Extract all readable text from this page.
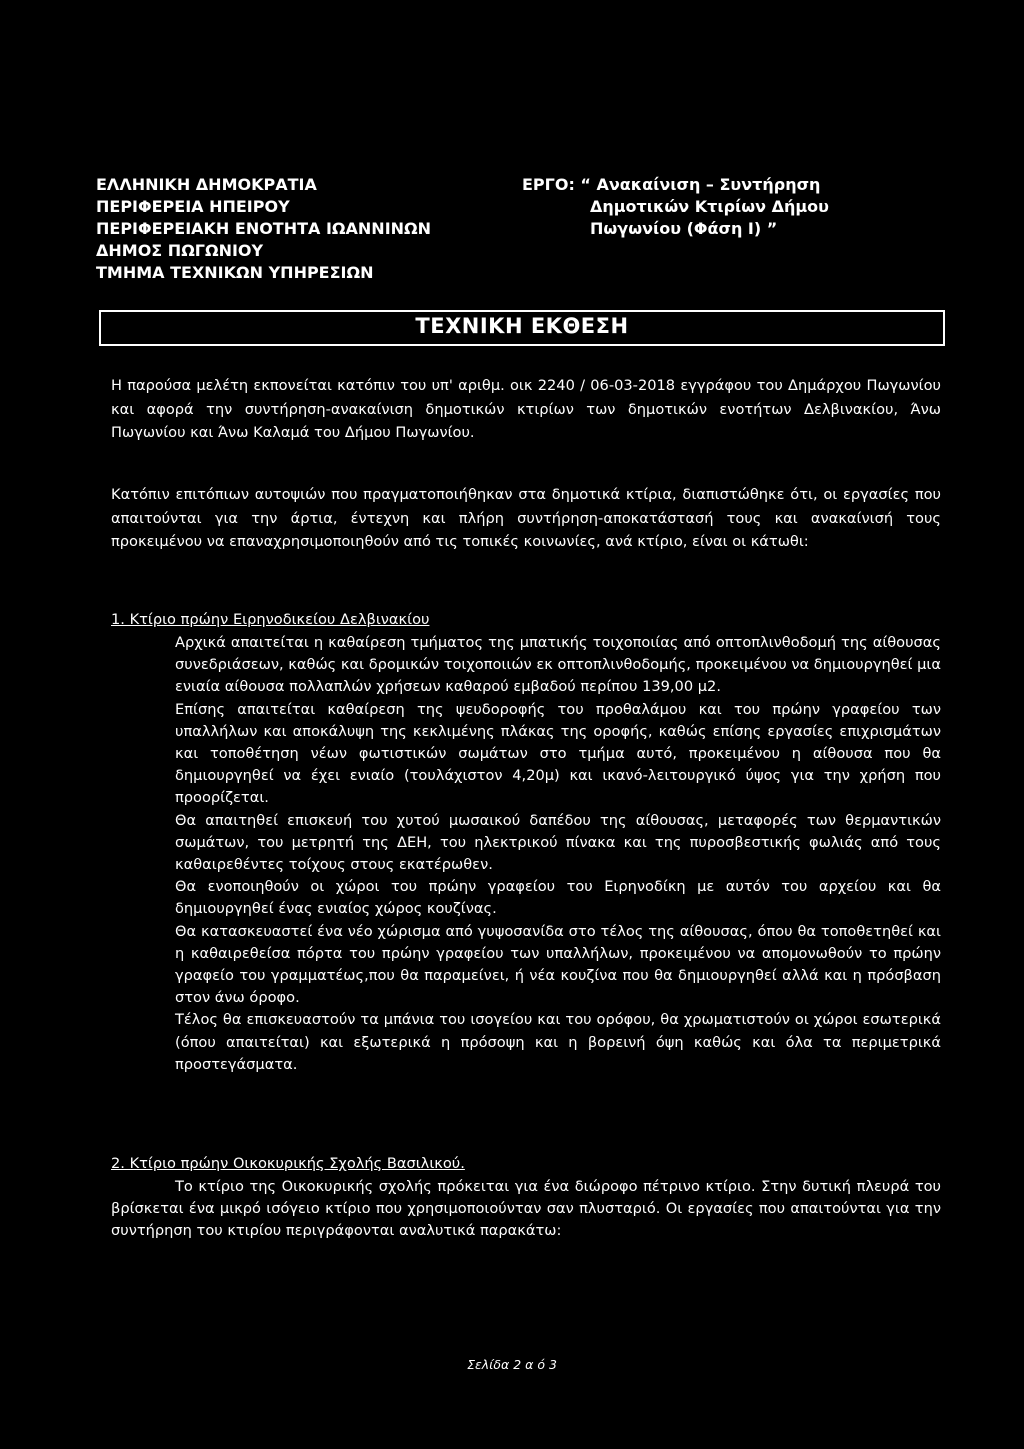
ΕΛΛΗΝΙΚΗ ΔΗΜΟΚΡΑΤΙΑ
ΠΕΡΙΦΕΡΕΙΑ ΗΠΕΙΡΟΥ
ΠΕΡΙΦΕΡΕΙΑΚΗ ΕΝΟΤΗΤΑ ΙΩΑΝΝΙΝΩΝ
ΔΗΜΟΣ ΠΩΓΩΝΙΟΥ
ΤΜΗΜΑ ΤΕΧΝΙΚΩΝ ΥΠΗΡΕΣΙΩΝ
ΕΡΓΟ: “ Ανακαίνιση – Συντήρηση
Δημοτικών Κτιρίων Δήμου
Πωγωνίου (Φάση Ι) ”
ΤΕΧΝΙΚΗ ΕΚΘΕΣΗ
Η παρούσα μελέτη εκπονείται κατόπιν του υπ' αριθμ. οικ 2240 / 06-03-2018 εγγράφου του Δημάρχου Πωγωνίου και αφορά την συντήρηση-ανακαίνιση δημοτικών κτιρίων των δημοτικών ενοτήτων Δελβινακίου, Άνω Πωγωνίου και Άνω Καλαμά του Δήμου Πωγωνίου.
Κατόπιν επιτόπιων αυτοψιών που πραγματοποιήθηκαν στα δημοτικά κτίρια, διαπιστώθηκε ότι, οι εργασίες που απαιτούνται για την άρτια, έντεχνη και πλήρη συντήρηση-αποκατάστασή τους και ανακαίνισή τους προκειμένου να επαναχρησιμοποιηθούν από τις τοπικές κοινωνίες, ανά κτίριο, είναι οι κάτωθι:
1. Κτίριο πρώην Ειρηνοδικείου Δελβινακίου
Αρχικά απαιτείται η καθαίρεση τμήματος της μπατικής τοιχοποιίας από οπτοπλινθοδομή της αίθουσας συνεδριάσεων, καθώς και δρομικών τοιχοποιιών εκ οπτοπλινθοδομής, προκειμένου να δημιουργηθεί μια ενιαία αίθουσα πολλαπλών χρήσεων καθαρού εμβαδού περίπου 139,00 μ2.
Επίσης απαιτείται καθαίρεση της ψευδοροφής του προθαλάμου και του πρώην γραφείου των υπαλλήλων και αποκάλυψη της κεκλιμένης πλάκας της οροφής, καθώς επίσης εργασίες επιχρισμάτων και τοποθέτηση νέων φωτιστικών σωμάτων στο τμήμα αυτό, προκειμένου η αίθουσα που θα δημιουργηθεί να έχει ενιαίο (τουλάχιστον 4,20μ) και ικανό-λειτουργικό ύψος για την χρήση που προορίζεται.
Θα απαιτηθεί επισκευή του χυτού μωσαικού δαπέδου της αίθουσας, μεταφορές των θερμαντικών σωμάτων, του μετρητή της ΔΕΗ, του ηλεκτρικού πίνακα και της πυροσβεστικής φωλιάς από τους καθαιρεθέντες τοίχους στους εκατέρωθεν.
Θα ενοποιηθούν οι χώροι του πρώην γραφείου του Ειρηνοδίκη με αυτόν του αρχείου και θα δημιουργηθεί ένας ενιαίος χώρος κουζίνας.
Θα κατασκευαστεί ένα νέο χώρισμα από γυψοσανίδα στο τέλος της αίθουσας, όπου θα τοποθετηθεί και η καθαιρεθείσα πόρτα του πρώην γραφείου των υπαλλήλων, προκειμένου να απομονωθούν το πρώην γραφείο του γραμματέως,που θα παραμείνει, ή νέα κουζίνα που θα δημιουργηθεί αλλά και η πρόσβαση στον άνω όροφο.
Τέλος θα επισκευαστούν τα μπάνια του ισογείου και του ορόφου, θα χρωματιστούν οι χώροι εσωτερικά (όπου απαιτείται) και εξωτερικά η πρόσοψη και η βορεινή όψη καθώς και όλα τα περιμετρικά προστεγάσματα.
2. Κτίριο πρώην Οικοκυρικής Σχολής Βασιλικού.
Το κτίριο της Οικοκυρικής σχολής πρόκειται για ένα διώροφο πέτρινο κτίριο. Στην δυτική πλευρά του βρίσκεται ένα μικρό ισόγειο κτίριο που χρησιμοποιούνταν σαν πλυσταριό. Οι εργασίες που απαιτούνται για την συντήρηση του κτιρίου περιγράφονται αναλυτικά παρακάτω:
Σελίδα 2 α ό 3
